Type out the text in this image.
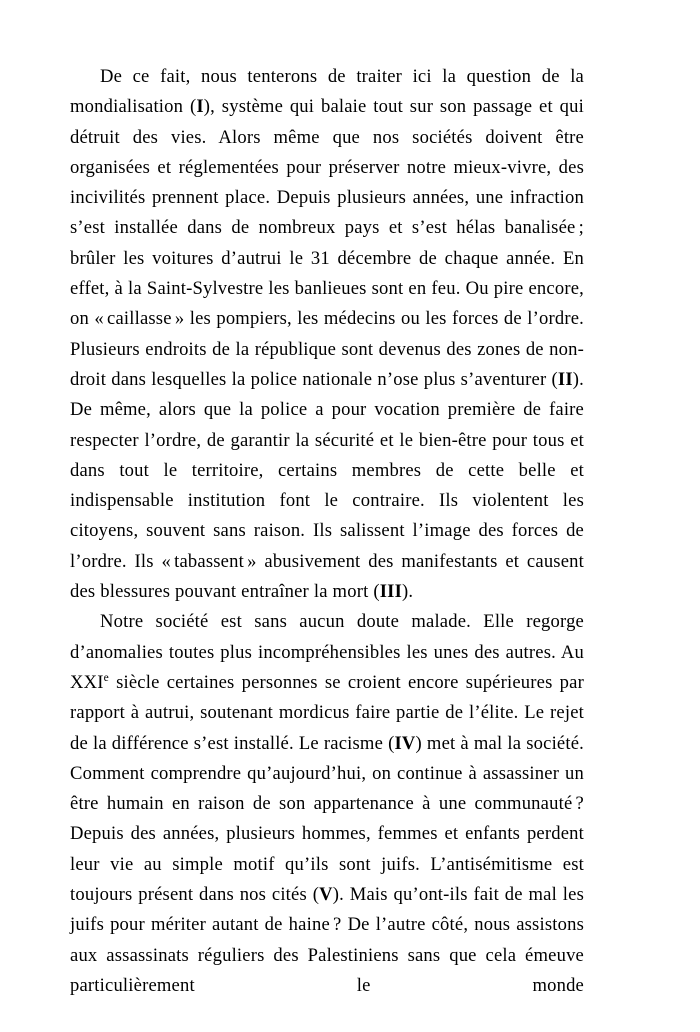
De ce fait, nous tenterons de traiter ici la question de la mondialisation (I), système qui balaie tout sur son passage et qui détruit des vies. Alors même que nos sociétés doivent être organisées et réglementées pour préserver notre mieux-vivre, des incivilités prennent place. Depuis plusieurs années, une infraction s’est installée dans de nombreux pays et s’est hélas banalisée ; brûler les voitures d’autrui le 31 décembre de chaque année. En effet, à la Saint-Sylvestre les banlieues sont en feu. Ou pire encore, on « caillasse » les pompiers, les médecins ou les forces de l’ordre. Plusieurs endroits de la république sont devenus des zones de non-droit dans lesquelles la police nationale n’ose plus s’aventurer (II). De même, alors que la police a pour vocation première de faire respecter l’ordre, de garantir la sécurité et le bien-être pour tous et dans tout le territoire, certains membres de cette belle et indispensable institution font le contraire. Ils violentent les citoyens, souvent sans raison. Ils salissent l’image des forces de l’ordre. Ils « tabassent » abusivement des manifestants et causent des blessures pouvant entraîner la mort (III).

Notre société est sans aucun doute malade. Elle regorge d’anomalies toutes plus incompréhensibles les unes des autres. Au XXIe siècle certaines personnes se croient encore supérieures par rapport à autrui, soutenant mordicus faire partie de l’élite. Le rejet de la différence s’est installé. Le racisme (IV) met à mal la société. Comment comprendre qu’aujourd’hui, on continue à assassiner un être humain en raison de son appartenance à une communauté ? Depuis des années, plusieurs hommes, femmes et enfants perdent leur vie au simple motif qu’ils sont juifs. L’antisémitisme est toujours présent dans nos cités (V). Mais qu’ont-ils fait de mal les juifs pour mériter autant de haine ? De l’autre côté, nous assistons aux assassinats réguliers des Palestiniens sans que cela émeuve particulièrement le monde
